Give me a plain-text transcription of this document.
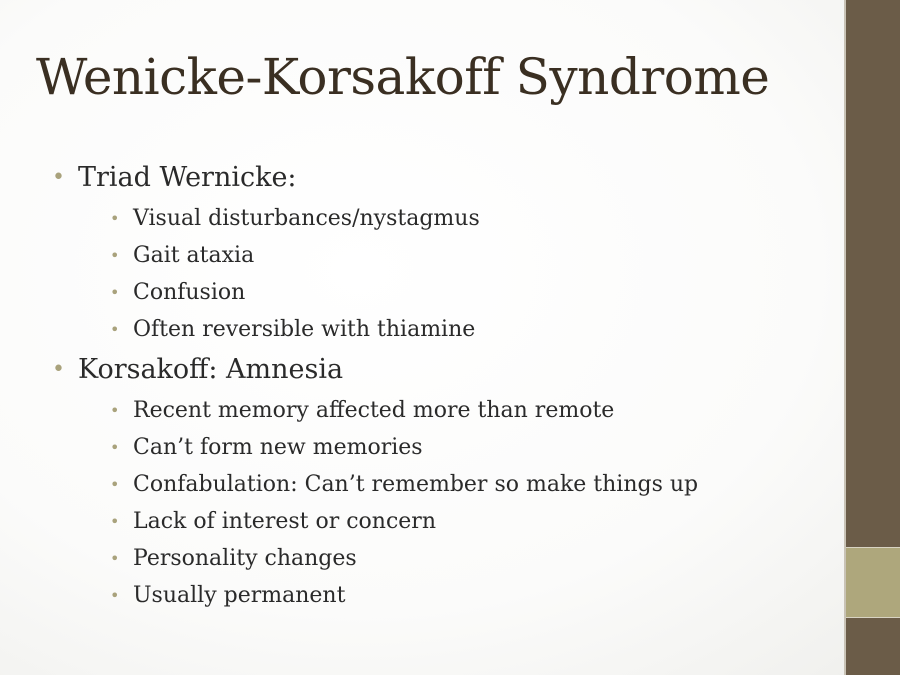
Wenicke-Korsakoff Syndrome
• Triad Wernicke:
• Visual disturbances/nystagmus
• Gait ataxia
• Confusion
• Often reversible with thiamine
• Korsakoff: Amnesia
• Recent memory affected more than remote
• Can’t form new memories
• Confabulation: Can’t remember so make things up
• Lack of interest or concern
• Personality changes
• Usually permanent
